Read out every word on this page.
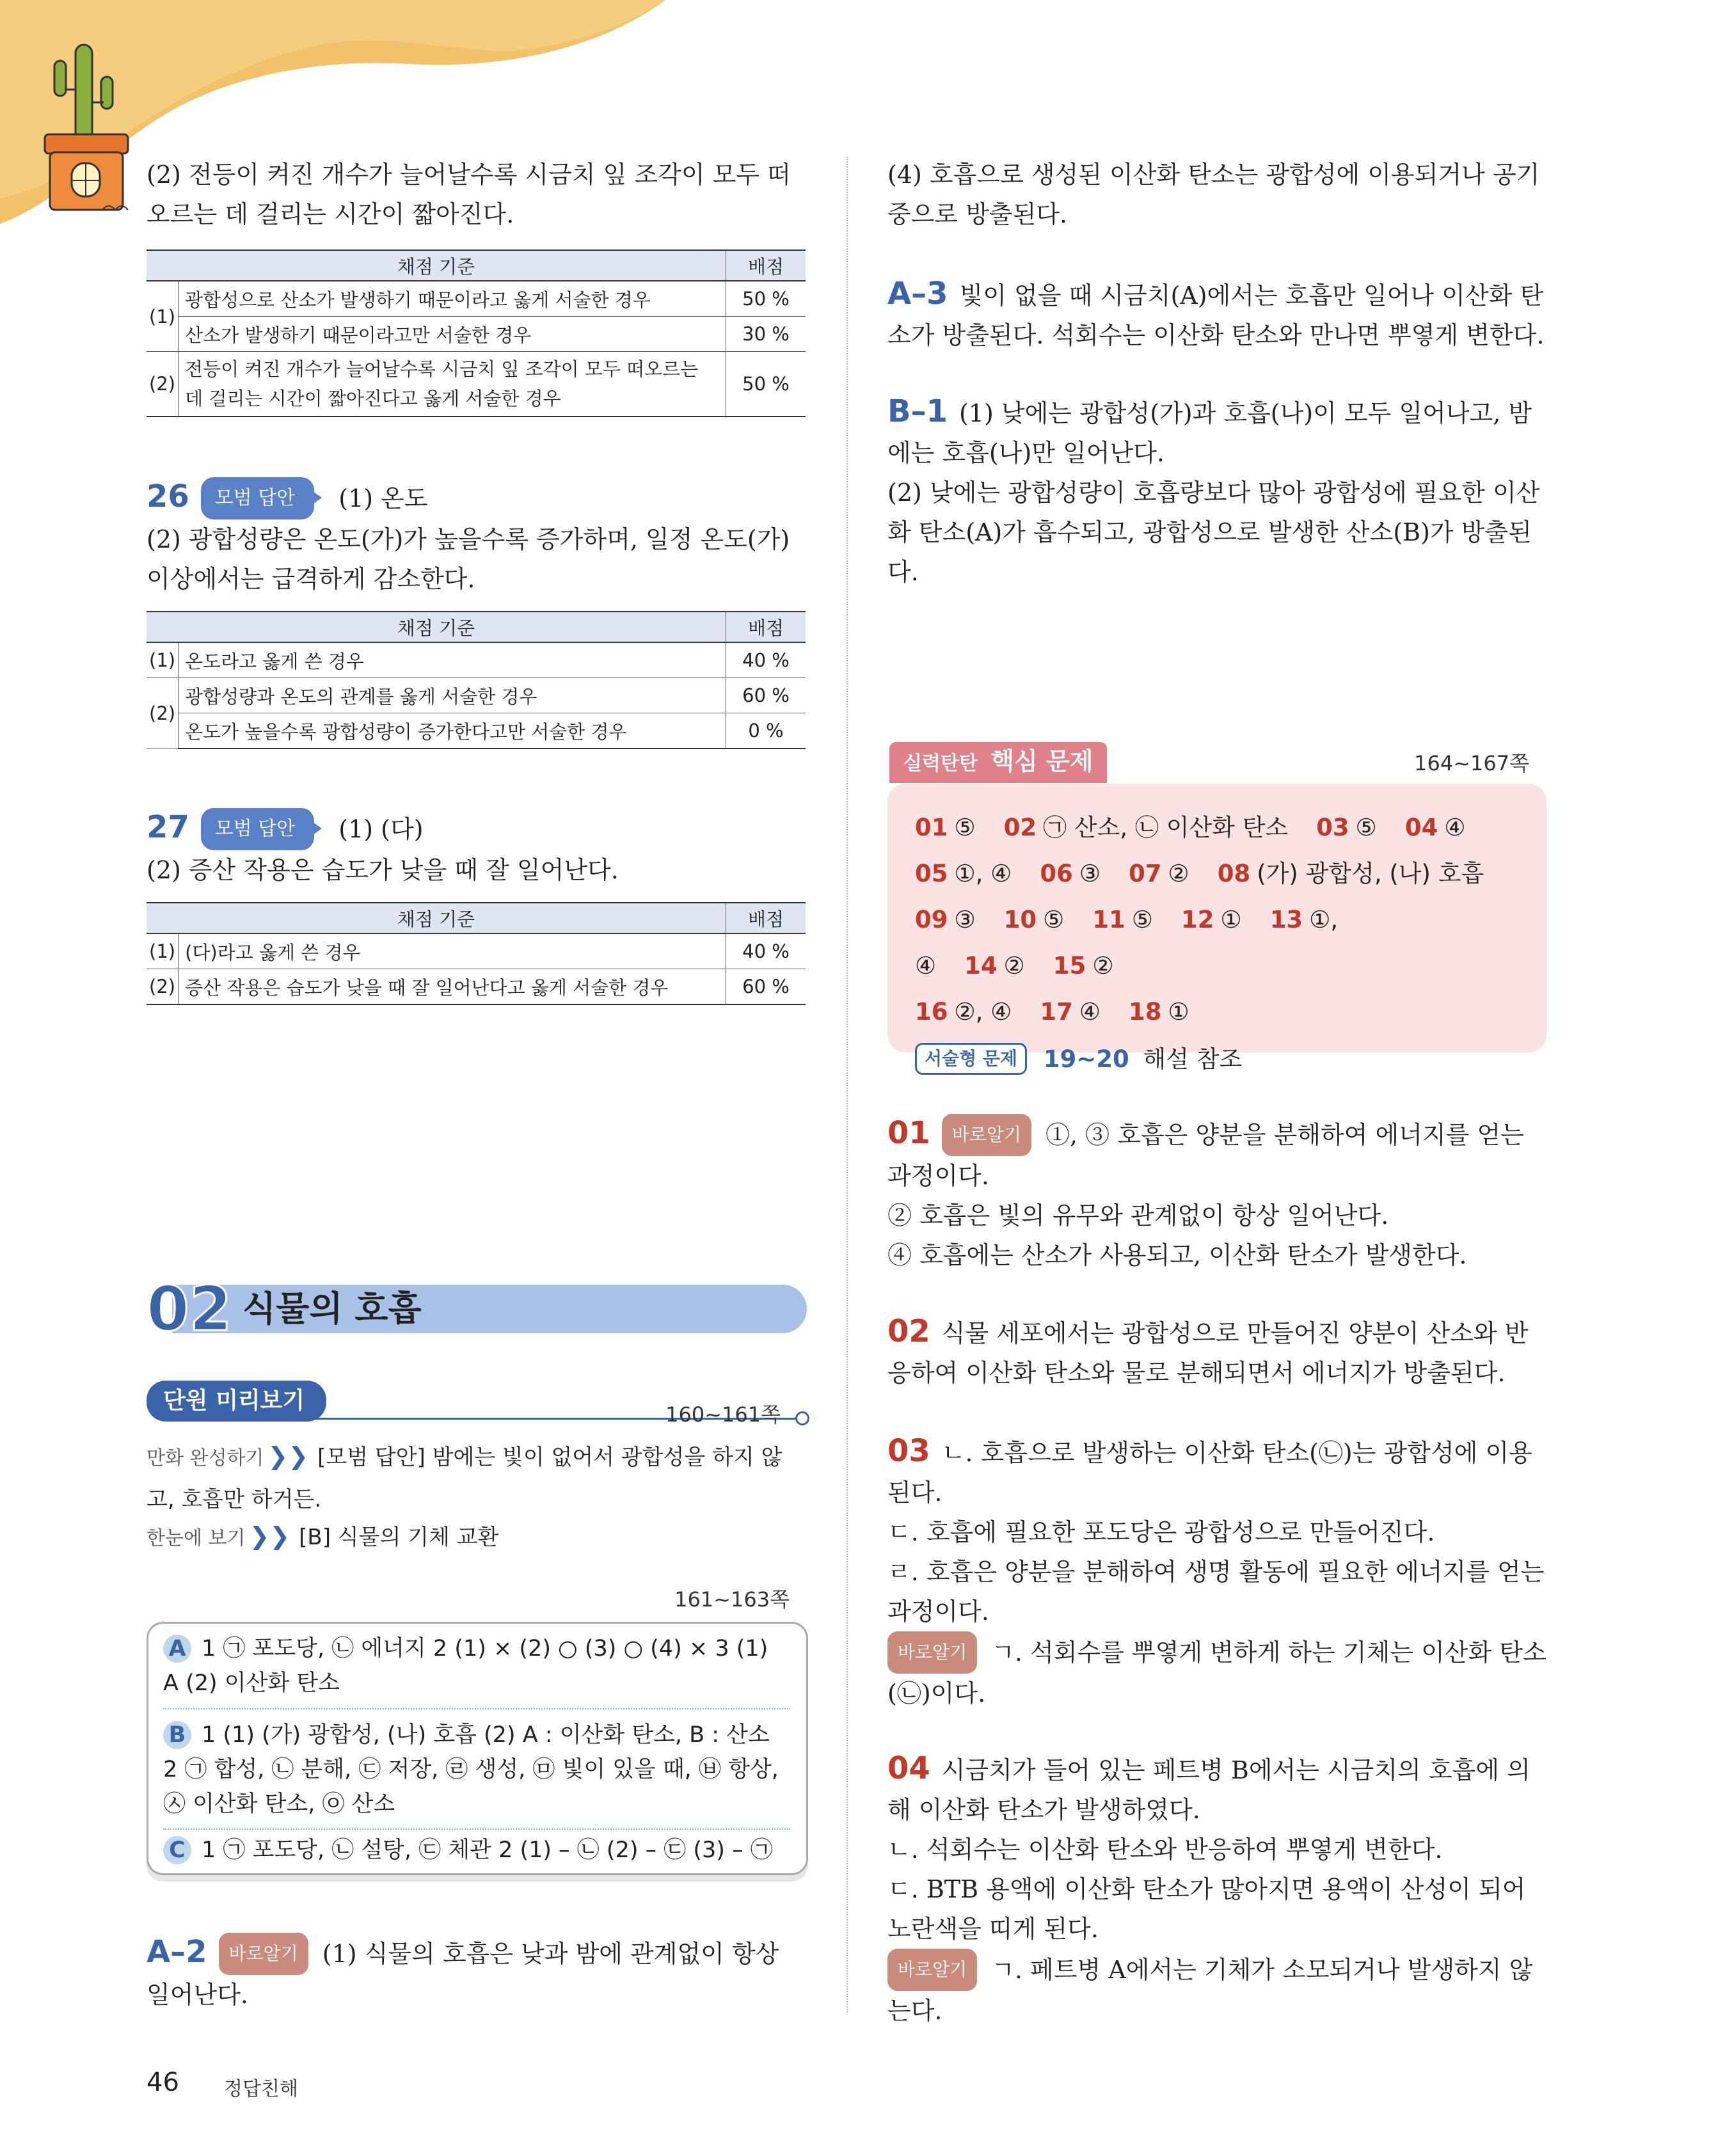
(2) 전등이 켜진 개수가 늘어날수록 시금치 잎 조각이 모두 떠오르는 데 걸리는 시간이 짧아진다.

채점 기준		배점
(1)	광합성으로 산소가 발생하기 때문이라고 옳게 서술한 경우	50 %
	산소가 발생하기 때문이라고만 서술한 경우	30 %
(2)	전등이 켜진 개수가 늘어날수록 시금치 잎 조각이 모두 떠오르는 데 걸리는 시간이 짧아진다고 옳게 서술한 경우	50 %

26 모범 답안 (1) 온도

(2) 광합성량은 온도(가)가 높을수록 증가하며, 일정 온도(가) 이상에서는 급격하게 감소한다.

채점 기준		배점
(1)	온도라고 옳게 쓴 경우	40 %
(2)	광합성량과 온도의 관계를 옳게 서술한 경우	60 %
	온도가 높을수록 광합성량이 증가한다고만 서술한 경우	0 %

27 모범 답안 (1) (다)

(2) 증산 작용은 습도가 낮을 때 잘 일어난다.

채점 기준		배점
(1)	(다)라고 옳게 쓴 경우	40 %
(2)	증산 작용은 습도가 낮을 때 잘 일어난다고 옳게 서술한 경우	60 %
02 식물의 호흡
단원 미리보기
160~161쪽

만화 완성하기 ❯❯ [모범 답안] 밤에는 빛이 없어서 광합성을 하지 않고, 호흡만 하거든.

한눈에 보기 ❯❯ [B] 식물의 기체 교환

161~163쪽
A 1 ㉠ 포도당, ㉡ 에너지 2 (1) × (2) ○ (3) ○ (4) × 3 (1) A (2) 이산화 탄소
B 1 (1) (가) 광합성, (나) 호흡 (2) A : 이산화 탄소, B : 산소 2 ㉠ 합성, ㉡ 분해, ㉢ 저장, ㉣ 생성, ㉤ 빛이 있을 때, ㉥ 항상, ㉦ 이산화 탄소, ㉧ 산소
C 1 ㉠ 포도당, ㉡ 설탕, ㉢ 체관 2 (1) – ㉡ (2) – ㉢ (3) – ㉠

A–2 바로알기 (1) 식물의 호흡은 낮과 밤에 관계없이 항상 일어난다.

46 정답친해

(4) 호흡으로 생성된 이산화 탄소는 광합성에 이용되거나 공기 중으로 방출된다.

A–3 빛이 없을 때 시금치(A)에서는 호흡만 일어나 이산화 탄소가 방출된다. 석회수는 이산화 탄소와 만나면 뿌옇게 변한다.

B–1 (1) 낮에는 광합성(가)과 호흡(나)이 모두 일어나고, 밤에는 호흡(나)만 일어난다.

(2) 낮에는 광합성량이 호흡량보다 많아 광합성에 필요한 이산화 탄소(A)가 흡수되고, 광합성으로 발생한 산소(B)가 방출된다.

실력탄탄 핵심 문제	164~167쪽
01 ⑤ 02 ㉠ 산소, ㉡ 이산화 탄소 03 ⑤ 04 ④
05 ①, ④ 06 ③ 07 ② 08 (가) 광합성, (나) 호흡
09 ③ 10 ⑤ 11 ⑤ 12 ① 13 ①, ④ 14 ② 15 ②
16 ②, ④ 17 ④ 18 ①
서술형 문제 19~20 해설 참조

01 바로알기 ①, ③ 호흡은 양분을 분해하여 에너지를 얻는 과정이다.

② 호흡은 빛의 유무와 관계없이 항상 일어난다.

④ 호흡에는 산소가 사용되고, 이산화 탄소가 발생한다.

02 식물 세포에서는 광합성으로 만들어진 양분이 산소와 반응하여 이산화 탄소와 물로 분해되면서 에너지가 방출된다.

03 ㄴ. 호흡으로 발생하는 이산화 탄소(㉡)는 광합성에 이용된다.

ㄷ. 호흡에 필요한 포도당은 광합성으로 만들어진다.

ㄹ. 호흡은 양분을 분해하여 생명 활동에 필요한 에너지를 얻는 과정이다.

바로알기 ㄱ. 석회수를 뿌옇게 변하게 하는 기체는 이산화 탄소(㉡)이다.

04 시금치가 들어 있는 페트병 B에서는 시금치의 호흡에 의해 이산화 탄소가 발생하였다.

ㄴ. 석회수는 이산화 탄소와 반응하여 뿌옇게 변한다.

ㄷ. BTB 용액에 이산화 탄소가 많아지면 용액이 산성이 되어 노란색을 띠게 된다.

바로알기 ㄱ. 페트병 A에서는 기체가 소모되거나 발생하지 않는다.
